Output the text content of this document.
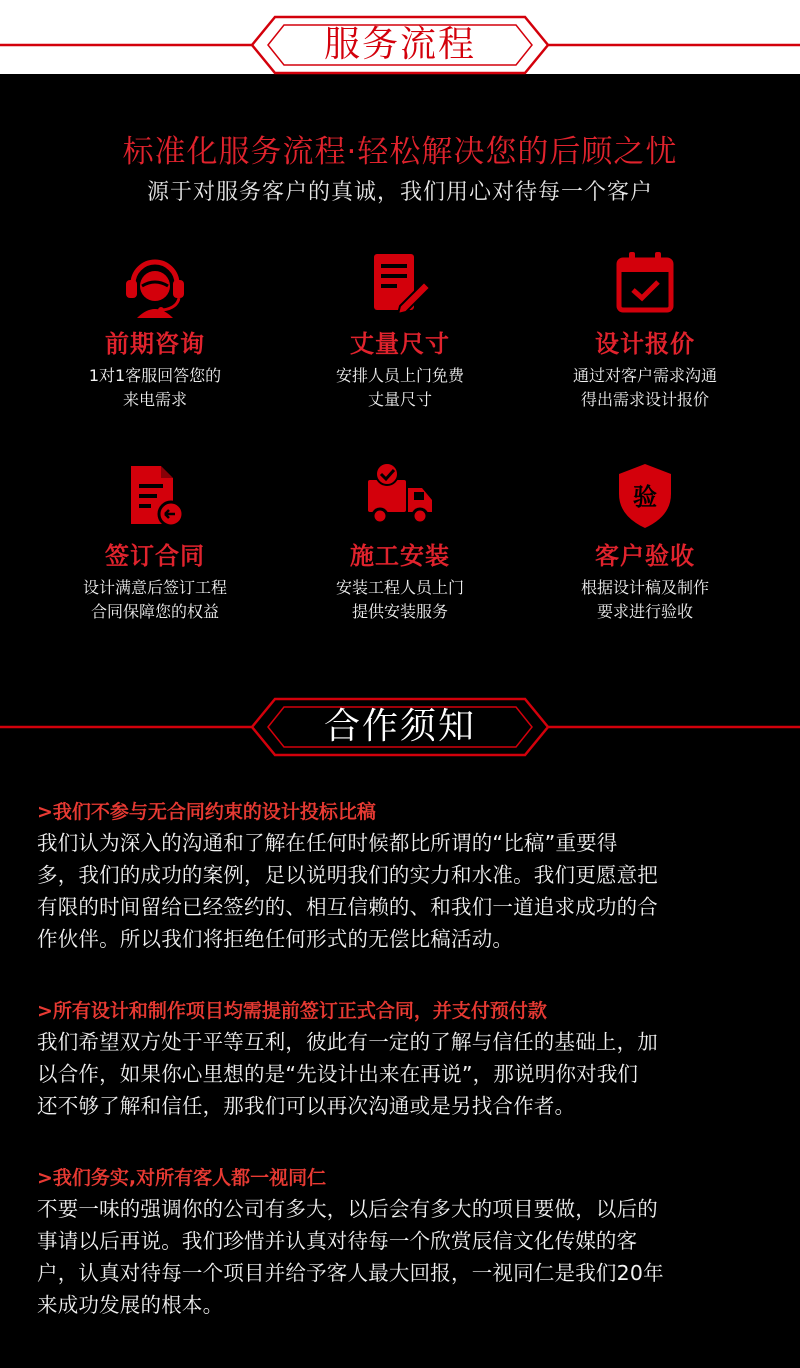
服务流程
标准化服务流程·轻松解决您的后顾之忧
源于对服务客户的真诚，我们用心对待每一个客户
前期咨询
1对1客服回答您的
来电需求
丈量尺寸
安排人员上门免费
丈量尺寸
设计报价
通过对客户需求沟通
得出需求设计报价
签订合同
设计满意后签订工程
合同保障您的权益
施工安装
安装工程人员上门
提供安装服务
验
客户验收
根据设计稿及制作
要求进行验收
合作须知
>我们不参与无合同约束的设计投标比稿
我们认为深入的沟通和了解在任何时候都比所谓的“比稿”重要得
多，我们的成功的案例，足以说明我们的实力和水准。我们更愿意把
有限的时间留给已经签约的、相互信赖的、和我们一道追求成功的合
作伙伴。所以我们将拒绝任何形式的无偿比稿活动。
>所有设计和制作项目均需提前签订正式合同，并支付预付款
我们希望双方处于平等互利，彼此有一定的了解与信任的基础上，加
以合作，如果你心里想的是“先设计出来在再说”，那说明你对我们
还不够了解和信任，那我们可以再次沟通或是另找合作者。
>我们务实,对所有客人都一视同仁
不要一味的强调你的公司有多大，以后会有多大的项目要做，以后的
事请以后再说。我们珍惜并认真对待每一个欣赏辰信文化传媒的客
户，认真对待每一个项目并给予客人最大回报，一视同仁是我们20年
来成功发展的根本。
